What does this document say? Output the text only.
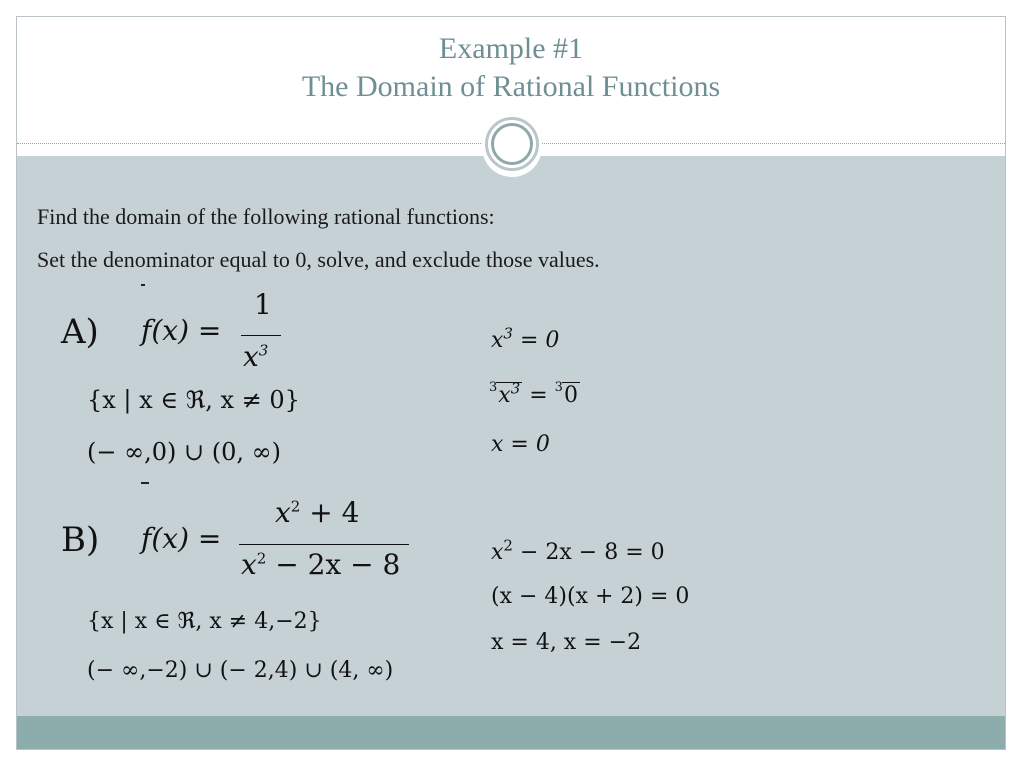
Example #1
The Domain of Rational Functions
Find the domain of the following rational functions:
Set the denominator equal to 0, solve, and exclude those values.
A) f(x) =
1
$x^3$
{x | x ∈ ℜ, x ≠ 0}
(− ∞,0) ∪ (0, ∞)
$x^3 = 0$
$^3x^3 = ^30$
x = 0
B) f(x) =
$x^2 + 4$
$x^2 - 2x - 8$
{x | x ∈ ℜ, x ≠ 4,−2}
(− ∞,−2) ∪ (− 2,4) ∪ (4, ∞)
$x^2 - 2x - 8 = 0$
(x − 4)(x + 2) = 0
x = 4, x = −2
